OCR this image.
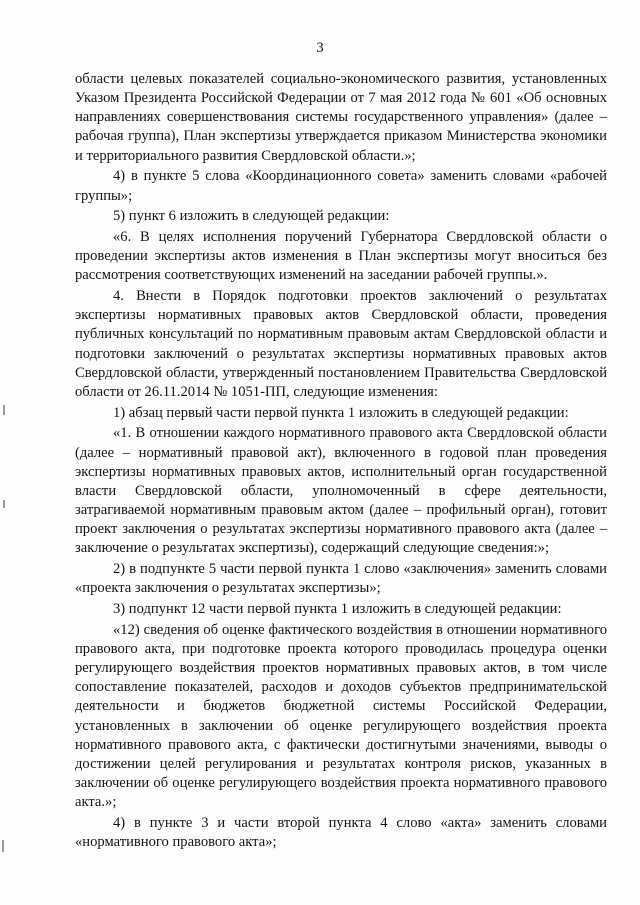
3

области целевых показателей социально-экономического развития, установленных Указом Президента Российской Федерации от 7 мая 2012 года № 601 «Об основных направлениях совершенствования системы государственного управления» (далее – рабочая группа), План экспертизы утверждается приказом Министерства экономики и территориального развития Свердловской области.»;

4) в пункте 5 слова «Координационного совета» заменить словами «рабочей группы»;

5) пункт 6 изложить в следующей редакции:

«6. В целях исполнения поручений Губернатора Свердловской области о проведении экспертизы актов изменения в План экспертизы могут вноситься без рассмотрения соответствующих изменений на заседании рабочей группы.».

4. Внести в Порядок подготовки проектов заключений о результатах экспертизы нормативных правовых актов Свердловской области, проведения публичных консультаций по нормативным правовым актам Свердловской области и подготовки заключений о результатах экспертизы нормативных правовых актов Свердловской области, утвержденный постановлением Правительства Свердловской области от 26.11.2014 № 1051-ПП, следующие изменения:

1) абзац первый части первой пункта 1 изложить в следующей редакции:

«1. В отношении каждого нормативного правового акта Свердловской области (далее – нормативный правовой акт), включенного в годовой план проведения экспертизы нормативных правовых актов, исполнительный орган государственной власти Свердловской области, уполномоченный в сфере деятельности, затрагиваемой нормативным правовым актом (далее – профильный орган), готовит проект заключения о результатах экспертизы нормативного правового акта (далее – заключение о результатах экспертизы), содержащий следующие сведения:»;

2) в подпункте 5 части первой пункта 1 слово «заключения» заменить словами «проекта заключения о результатах экспертизы»;

3) подпункт 12 части первой пункта 1 изложить в следующей редакции:

«12) сведения об оценке фактического воздействия в отношении нормативного правового акта, при подготовке проекта которого проводилась процедура оценки регулирующего воздействия проектов нормативных правовых актов, в том числе сопоставление показателей, расходов и доходов субъектов предпринимательской деятельности и бюджетов бюджетной системы Российской Федерации, установленных в заключении об оценке регулирующего воздействия проекта нормативного правового акта, с фактически достигнутыми значениями, выводы о достижении целей регулирования и результатах контроля рисков, указанных в заключении об оценке регулирующего воздействия проекта нормативного правового акта.»;

4) в пункте 3 и части второй пункта 4 слово «акта» заменить словами «нормативного правового акта»;
